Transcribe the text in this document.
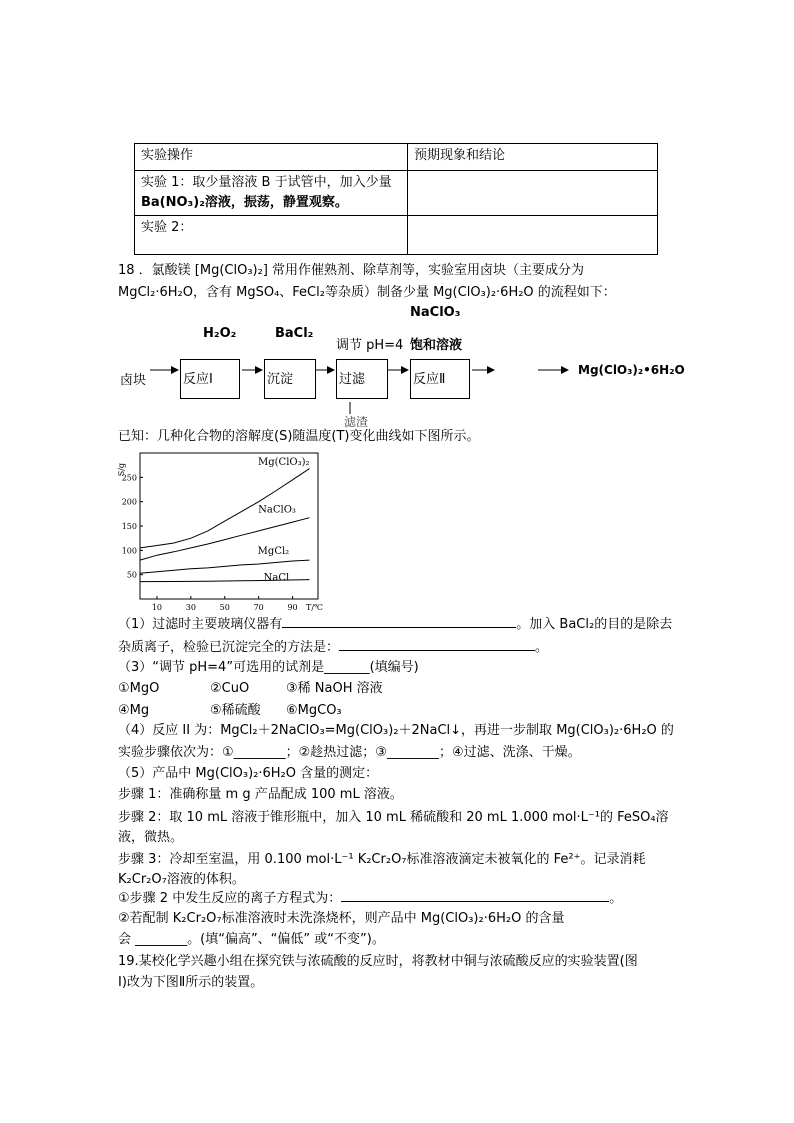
实验操作	预期现象和结论

实验 1：取少量溶液 B 于试管中，加入少量
Ba(NO₃)₂溶液，振荡，静置观察。	

实验 2：	
18 ．氯酸镁 [Mg(ClO₃)₂] 常用作催熟剂、除草剂等，实验室用卤块（主要成分为
MgCl₂·6H₂O，含有 MgSO₄、FeCl₂等杂质）制备少量 Mg(ClO₃)₂·6H₂O 的流程如下：
NaClO₃
H₂O₂	BaCl₂
调节 pH=4 饱和溶液
卤块	反应Ⅰ	沉淀	过滤	反应Ⅱ
Mg(ClO₃)₂•6H₂O
滤渣
已知：几种化合物的溶解度(S)随温度(T)变化曲线如下图所示。
S/g
50
100
150
200
250
10	30	50	70	90 T/℃
Mg(ClO₃)₂
NaClO₃
MgCl₂
NaCl
（1）过滤时主要玻璃仪器有	。加入 BaCl₂的目的是除去
杂质离子，检验已沉淀完全的方法是：	。
（3）“调节 pH=4”可选用的试剂是_______(填编号)
①MgO	②CuO	③稀 NaOH 溶液
④Mg	⑤稀硫酸 ⑥MgCO₃
（4）反应 II 为：MgCl₂＋2NaClO₃=Mg(ClO₃)₂＋2NaCl↓，再进一步制取 Mg(ClO₃)₂·6H₂O 的
实验步骤依次为：①________；②趁热过滤；③________；④过滤、洗涤、干燥。
（5）产品中 Mg(ClO₃)₂·6H₂O 含量的测定：
步骤 1：准确称量 m g 产品配成 100 mL 溶液。
步骤 2：取 10 mL 溶液于锥形瓶中，加入 10 mL 稀硫酸和 20 mL 1.000 mol·L⁻¹的 FeSO₄溶
液，微热。
步骤 3：冷却至室温，用 0.100 mol·L⁻¹ K₂Cr₂O₇标准溶液滴定未被氧化的 Fe²⁺。记录消耗
K₂Cr₂O₇溶液的体积。
①步骤 2 中发生反应的离子方程式为：	。
②若配制 K₂Cr₂O₇标准溶液时未洗涤烧杯，则产品中 Mg(ClO₃)₂·6H₂O 的含量
会 ________。(填“偏高”、“偏低” 或“不变”)。
19.某校化学兴趣小组在探究铁与浓硫酸的反应时，将教材中铜与浓硫酸反应的实验装置(图
Ⅰ)改为下图Ⅱ所示的装置。
